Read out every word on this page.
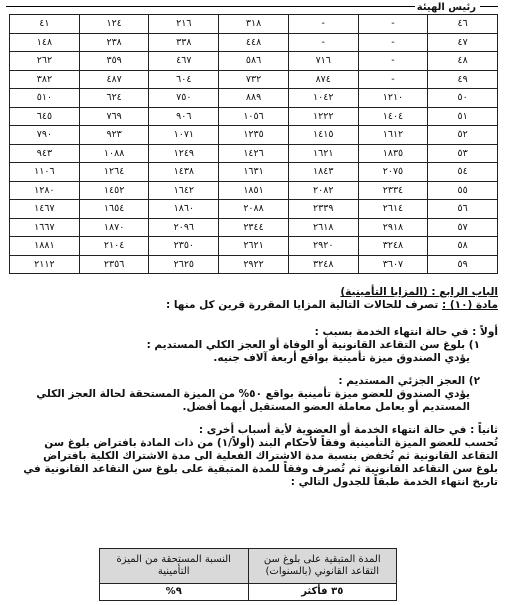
رئيس الهيئة
٤٦	-	-	٣١٨	٢١٦	١٢٤	٤١
٤٧	-	-	٤٤٨	٣٣٨	٢٣٨	١٤٨
٤٨	-	٧١٦	٥٨٦	٤٦٧	٣٥٩	٢٦٢
٤٩	-	٨٧٤	٧٣٢	٦٠٤	٤٨٧	٣٨٢
٥٠	١٢١٠	١٠٤٢	٨٨٩	٧٥٠	٦٢٤	٥١٠
٥١	١٤٠٤	١٢٢٢	١٠٥٦	٩٠٦	٧٦٩	٦٤٥
٥٢	١٦١٢	١٤١٥	١٢٣٥	١٠٧١	٩٢٣	٧٩٠
٥٣	١٨٣٥	١٦٢١	١٤٢٦	١٢٤٩	١٠٨٨	٩٤٣
٥٤	٢٠٧٥	١٨٤٣	١٦٣١	١٤٣٨	١٢٦٤	١١٠٦
٥٥	٢٣٣٤	٢٠٨٢	١٨٥١	١٦٤٢	١٤٥٢	١٢٨٠
٥٦	٢٦١٤	٢٣٣٩	٢٠٨٨	١٨٦٠	١٦٥٤	١٤٦٧
٥٧	٢٩١٨	٢٦١٨	٢٣٤٤	٢٠٩٦	١٨٧٠	١٦٦٧
٥٨	٣٢٤٨	٢٩٢٠	٢٦٢١	٢٣٥٠	٢١٠٤	١٨٨١
٥٩	٣٦٠٧	٣٢٤٨	٢٩٢٢	٢٦٢٥	٢٣٥٦	٢١١٢
الباب الرابع : (المزايا التأمينية)
مادة (١٠) : تصرف للحالات التالية المزايا المقررة قرين كل منها :
أولاً : في حالة انتهاء الخدمة بسبب :
١) بلوغ سن التقاعد القانونية أو الوفاة أو العجز الكلي المستديم :
يؤدي الصندوق ميزة تأمينية بواقع أربعة آلاف جنيه.
٢) العجز الجزئي المستديم :
يؤدي الصندوق للعضو ميزة تأمينية بواقع ٥٠% من الميزة المستحقة لحالة العجز الكلي
المستديم أو يعامل معاملة العضو المستقيل أيهما أفضل.
ثانياً : في حالة انتهاء الخدمة أو العضوية لأية أسباب أخرى :
تُحسب للعضو الميزة التأمينية وفقاً لأحكام البند (أولاً/١) من ذات المادة بافتراض بلوغ سن
التقاعد القانونية ثم تُخفض بنسبة مدة الاشتراك الفعلية الى مدة الاشتراك الكلية بافتراض
بلوغ سن التقاعد القانونية ثم تُصرف وفقاً للمدة المتبقية على بلوغ سن التقاعد القانونية في
تاريخ انتهاء الخدمة طبقاً للجدول التالي :
المدة المتبقية على بلوغ سن التقاعد القانوني (بالسنوات)	النسبة المستحقة من الميزة التأمينية
٣٥ فأكثر	٩%
